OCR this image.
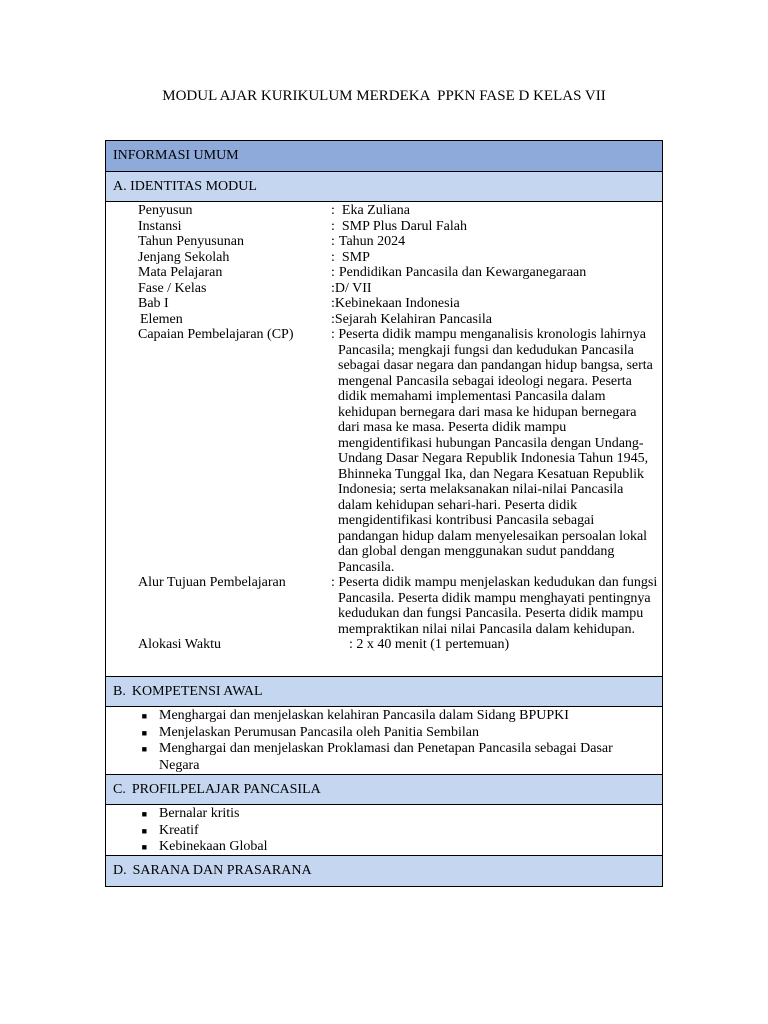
MODUL AJAR KURIKULUM MERDEKA  PPKN FASE D KELAS VII
INFORMASI UMUM
A. IDENTITAS MODUL
Penyusun	: Eka Zuliana
Instansi	: SMP Plus Darul Falah
Tahun Penyusunan	: Tahun 2024
Jenjang Sekolah	: SMP
Mata Pelajaran	: Pendidikan Pancasila dan Kewarganegaraan
Fase / Kelas	:D/ VII
Bab I	:Kebinekaan Indonesia
Elemen	:Sejarah Kelahiran Pancasila
Capaian Pembelajaran (CP)	: Peserta didik mampu menganalisis kronologis lahirnya Pancasila; mengkaji fungsi dan kedudukan Pancasila sebagai dasar negara dan pandangan hidup bangsa, serta mengenal Pancasila sebagai ideologi negara. Peserta didik memahami implementasi Pancasila dalam kehidupan bernegara dari masa ke hidupan bernegara dari masa ke masa. Peserta didik mampu mengidentifikasi hubungan Pancasila dengan Undang-Undang Dasar Negara Republik Indonesia Tahun 1945, Bhinneka Tunggal Ika, dan Negara Kesatuan Republik Indonesia; serta melaksanakan nilai-nilai Pancasila dalam kehidupan sehari-hari. Peserta didik mengidentifikasi kontribusi Pancasila sebagai pandangan hidup dalam menyelesaikan persoalan lokal dan global dengan menggunakan sudut panddang Pancasila.
Alur Tujuan Pembelajaran	: Peserta didik mampu menjelaskan kedudukan dan fungsi Pancasila. Peserta didik mampu menghayati pentingnya kedudukan dan fungsi Pancasila. Peserta didik mampu mempraktikan nilai nilai Pancasila dalam kehidupan.
Alokasi Waktu	: 2 x 40 menit (1 pertemuan)
B. KOMPETENSI AWAL
■ Menghargai dan menjelaskan kelahiran Pancasila dalam Sidang BPUPKI
■ Menjelaskan Perumusan Pancasila oleh Panitia Sembilan
■ Menghargai dan menjelaskan Proklamasi dan Penetapan Pancasila sebagai Dasar Negara
C. PROFILPELAJAR PANCASILA
■ Bernalar kritis
■ Kreatif
■ Kebinekaan Global
D. SARANA DAN PRASARANA
